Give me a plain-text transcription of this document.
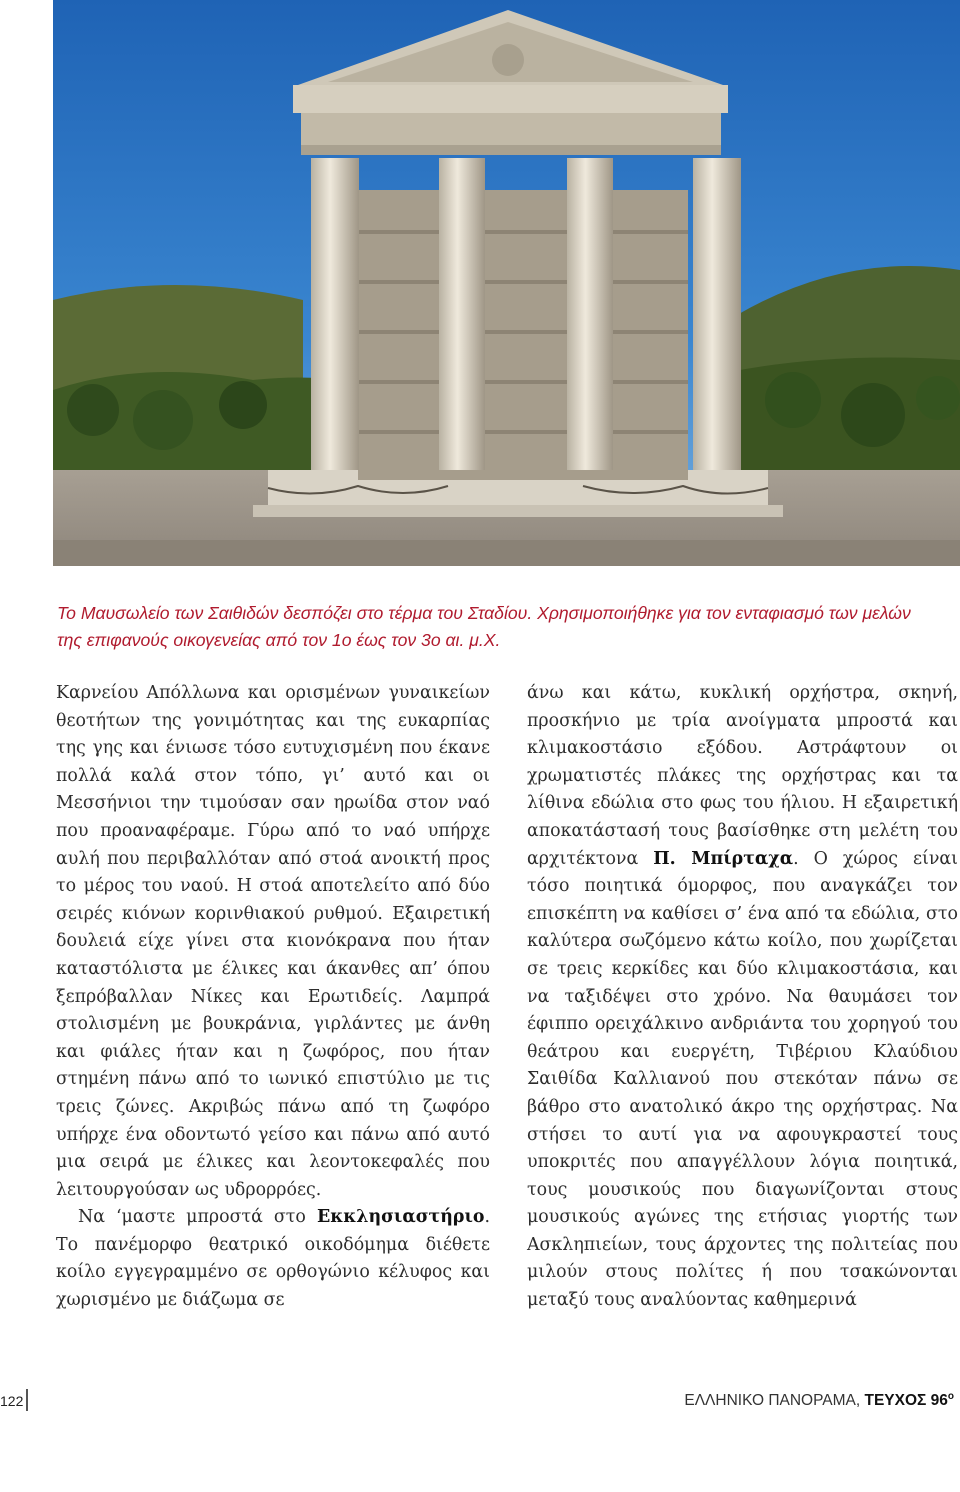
Το Μαυσωλείο των Σαιθιδών δεσπόζει στο τέρμα του Σταδίου. Χρησιμοποιήθηκε για τον ενταφιασμό των μελών της επιφανούς οικογενείας από τον 1ο έως τον 3ο αι. μ.Χ.

Καρνείου Απόλλωνα και ορισμένων γυναικείων θεοτήτων της γονιμότητας και της ευκαρπίας της γης και ένιωσε τόσο ευτυχισμένη που έκανε πολλά καλά στον τόπο, γι’ αυτό και οι Μεσσήνιοι την τιμούσαν σαν ηρωίδα στον ναό που προαναφέραμε. Γύρω από το ναό υπήρχε αυλή που περιβαλλόταν από στοά ανοικτή προς το μέρος του ναού. Η στοά αποτελείτο από δύο σειρές κιόνων κορινθιακού ρυθμού. Εξαιρετική δουλειά είχε γίνει στα κιονόκρανα που ήταν καταστόλιστα με έλικες και άκανθες απ’ όπου ξεπρόβαλλαν Νίκες και Ερωτιδείς. Λαμπρά στολισμένη με βουκράνια, γιρλάντες με άνθη και φιάλες ήταν και η ζωφόρος, που ήταν στημένη πάνω από το ιωνικό επιστύλιο με τις τρεις ζώνες. Ακριβώς πάνω από τη ζωφόρο υπήρχε ένα οδοντωτό γείσο και πάνω από αυτό μια σειρά με έλικες και λεοντοκεφαλές που λειτουργούσαν ως υδρορρόες.

Να ‘μαστε μπροστά στο Εκκλησιαστήριο. Το πανέμορφο θεατρικό οικοδόμημα διέθετε κοίλο εγγεγραμμένο σε ορθογώνιο κέλυφος και χωρισμένο με διάζωμα σε

άνω και κάτω, κυκλική ορχήστρα, σκηνή, προσκήνιο με τρία ανοίγματα μπροστά και κλιμακοστάσιο εξόδου. Αστράφτουν οι χρωματιστές πλάκες της ορχήστρας και τα λίθινα εδώλια στο φως του ήλιου. Η εξαιρετική αποκατάστασή τους βασίσθηκε στη μελέτη του αρχιτέκτονα Π. Μπίρταχα. Ο χώρος είναι τόσο ποιητικά όμορφος, που αναγκάζει τον επισκέπτη να καθίσει σ’ ένα από τα εδώλια, στο καλύτερα σωζόμενο κάτω κοίλο, που χωρίζεται σε τρεις κερκίδες και δύο κλιμακοστάσια, και να ταξιδέψει στο χρόνο. Να θαυμάσει τον έφιππο ορειχάλκινο ανδριάντα του χορηγού του θεάτρου και ευεργέτη, Τιβέριου Κλαύδιου Σαιθίδα Καλλιανού που στεκόταν πάνω σε βάθρο στο ανατολικό άκρο της ορχήστρας. Να στήσει το αυτί για να αφουγκραστεί τους υποκριτές που απαγγέλλουν λόγια ποιητικά, τους μουσικούς που διαγωνίζονται στους μουσικούς αγώνες της ετήσιας γιορτής των Ασκληπιείων, τους άρχοντες της πολιτείας που μιλούν στους πολίτες ή που τσακώνονται μεταξύ τους αναλύοντας καθημερινά

122	ΕΛΛΗΝΙΚΟ ΠΑΝΟΡΑΜΑ, ΤΕΥΧΟΣ $96^o$
